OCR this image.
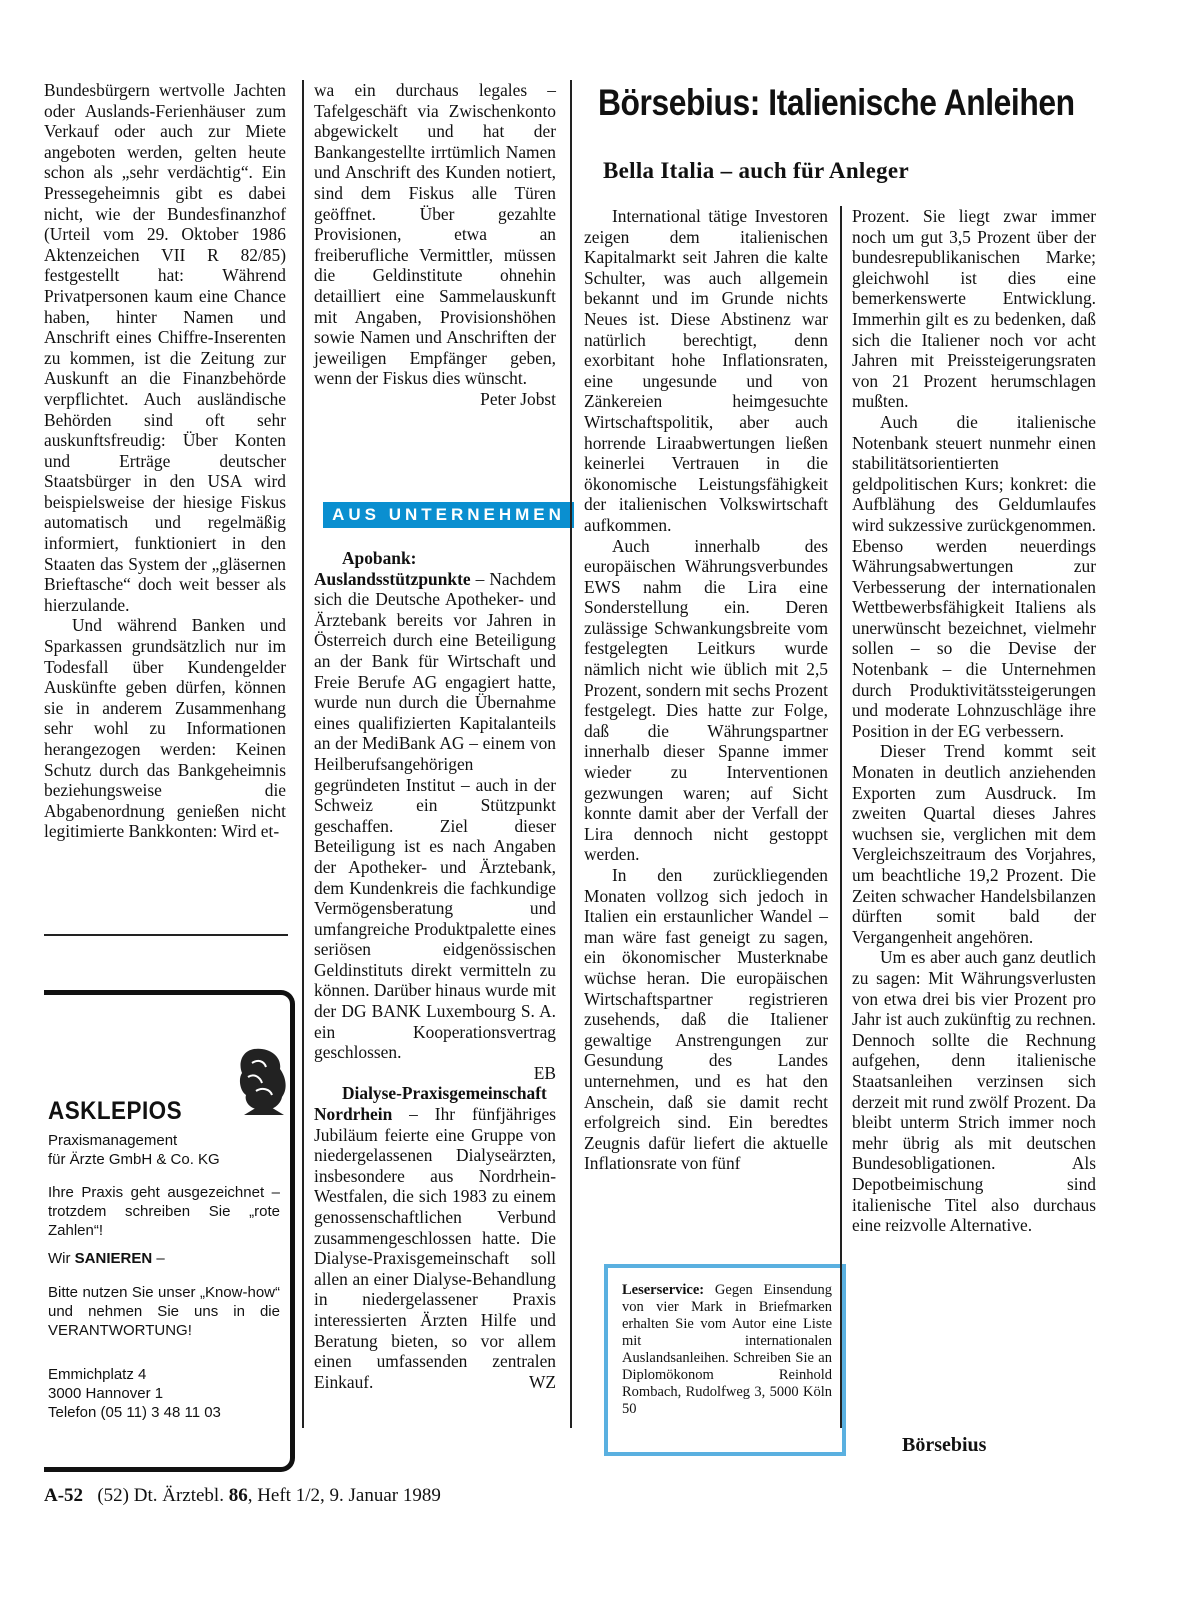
Bundesbürgern wertvolle Jachten oder Auslands-Ferienhäuser zum Verkauf oder auch zur Miete angeboten werden, gelten heute schon als „sehr verdächtig“. Ein Pressegeheimnis gibt es dabei nicht, wie der Bundesfinanzhof (Urteil vom 29. Oktober 1986 Aktenzeichen VII R 82/85) festgestellt hat: Während Privatpersonen kaum eine Chance haben, hinter Namen und Anschrift eines Chiffre-Inserenten zu kommen, ist die Zeitung zur Auskunft an die Finanzbehörde verpflichtet. Auch ausländische Behörden sind oft sehr auskunftsfreudig: Über Konten und Erträge deutscher Staatsbürger in den USA wird beispielsweise der hiesige Fiskus automatisch und regelmäßig informiert, funktioniert in den Staaten das System der „gläsernen Brieftasche“ doch weit besser als hierzulande.

Und während Banken und Sparkassen grundsätzlich nur im Todesfall über Kundengelder Auskünfte geben dürfen, können sie in anderem Zusammenhang sehr wohl zu Informationen herangezogen werden: Keinen Schutz durch das Bankgeheimnis beziehungsweise die Abgabenordnung genießen nicht legitimierte Bankkonten: Wird et-

ASKLEPIOS
Praxismanagement
für Ärzte GmbH & Co. KG
Ihre Praxis geht ausgezeichnet – trotzdem schreiben Sie „rote Zahlen“!
Wir SANIEREN –
Bitte nutzen Sie unser „Know-how“ und nehmen Sie uns in die VERANTWORTUNG!
Emmichplatz 4
3000 Hannover 1
Telefon (05 11) 3 48 11 03

wa ein durchaus legales – Tafelgeschäft via Zwischenkonto abgewickelt und hat der Bankangestellte irrtümlich Namen und Anschrift des Kunden notiert, sind dem Fiskus alle Türen geöffnet. Über gezahlte Provisionen, etwa an freiberufliche Vermittler, müssen die Geldinstitute ohnehin detailliert eine Sammelauskunft mit Angaben, Provisionshöhen sowie Namen und Anschriften der jeweiligen Empfänger geben, wenn der Fiskus dies wünscht.

Peter Jobst

AUS UNTERNEHMEN

Apobank: Auslandsstützpunkte – Nachdem sich die Deutsche Apotheker- und Ärztebank bereits vor Jahren in Österreich durch eine Beteiligung an der Bank für Wirtschaft und Freie Berufe AG engagiert hatte, wurde nun durch die Übernahme eines qualifizierten Kapitalanteils an der MediBank AG – einem von Heilberufsangehörigen gegründeten Institut – auch in der Schweiz ein Stützpunkt geschaffen. Ziel dieser Beteiligung ist es nach Angaben der Apotheker- und Ärztebank, dem Kundenkreis die fachkundige Vermögensberatung und umfangreiche Produktpalette eines seriösen eidgenössischen Geldinstituts direkt vermitteln zu können. Darüber hinaus wurde mit der DG BANK Luxembourg S. A. ein Kooperationsvertrag geschlossen.

EB

Dialyse-Praxisgemeinschaft Nordrhein – Ihr fünfjähriges Jubiläum feierte eine Gruppe von niedergelassenen Dialyseärzten, insbesondere aus Nordrhein-Westfalen, die sich 1983 zu einem genossenschaftlichen Verbund zusammengeschlossen hatte. Die Dialyse-Praxisgemeinschaft soll allen an einer Dialyse-Behandlung in niedergelassener Praxis interessierten Ärzten Hilfe und Beratung bieten, so vor allem einen umfassenden zentralen Einkauf.	WZ

Börsebius: Italienische Anleihen
Bella Italia – auch für Anleger

International tätige Investoren zeigen dem italienischen Kapitalmarkt seit Jahren die kalte Schulter, was auch allgemein bekannt und im Grunde nichts Neues ist. Diese Abstinenz war natürlich berechtigt, denn exorbitant hohe Inflationsraten, eine ungesunde und von Zänkereien heimgesuchte Wirtschaftspolitik, aber auch horrende Liraabwertungen ließen keinerlei Vertrauen in die ökonomische Leistungsfähigkeit der italienischen Volkswirtschaft aufkommen.

Auch innerhalb des europäischen Währungsverbundes EWS nahm die Lira eine Sonderstellung ein. Deren zulässige Schwankungsbreite vom festgelegten Leitkurs wurde nämlich nicht wie üblich mit 2,5 Prozent, sondern mit sechs Prozent festgelegt. Dies hatte zur Folge, daß die Währungspartner innerhalb dieser Spanne immer wieder zu Interventionen gezwungen waren; auf Sicht konnte damit aber der Verfall der Lira dennoch nicht gestoppt werden.

In den zurückliegenden Monaten vollzog sich jedoch in Italien ein erstaunlicher Wandel – man wäre fast geneigt zu sagen, ein ökonomischer Musterknabe wüchse heran. Die europäischen Wirtschaftspartner registrieren zusehends, daß die Italiener gewaltige Anstrengungen zur Gesundung des Landes unternehmen, und es hat den Anschein, daß sie damit recht erfolgreich sind. Ein beredtes Zeugnis dafür liefert die aktuelle Inflationsrate von fünf

Leserservice: Gegen Einsendung von vier Mark in Briefmarken erhalten Sie vom Autor eine Liste mit internationalen Auslandsanleihen. Schreiben Sie an Diplomökonom Reinhold Rombach, Rudolfweg 3, 5000 Köln 50

Prozent. Sie liegt zwar immer noch um gut 3,5 Prozent über der bundesrepublikanischen Marke; gleichwohl ist dies eine bemerkenswerte Entwicklung. Immerhin gilt es zu bedenken, daß sich die Italiener noch vor acht Jahren mit Preissteigerungsraten von 21 Prozent herumschlagen mußten.

Auch die italienische Notenbank steuert nunmehr einen stabilitätsorientierten geldpolitischen Kurs; konkret: die Aufblähung des Geldumlaufes wird sukzessive zurückgenommen. Ebenso werden neuerdings Währungsabwertungen zur Verbesserung der internationalen Wettbewerbsfähigkeit Italiens als unerwünscht bezeichnet, vielmehr sollen – so die Devise der Notenbank – die Unternehmen durch Produktivitätssteigerungen und moderate Lohnzuschläge ihre Position in der EG verbessern.

Dieser Trend kommt seit Monaten in deutlich anziehenden Exporten zum Ausdruck. Im zweiten Quartal dieses Jahres wuchsen sie, verglichen mit dem Vergleichszeitraum des Vorjahres, um beachtliche 19,2 Prozent. Die Zeiten schwacher Handelsbilanzen dürften somit bald der Vergangenheit angehören.

Um es aber auch ganz deutlich zu sagen: Mit Währungsverlusten von etwa drei bis vier Prozent pro Jahr ist auch zukünftig zu rechnen. Dennoch sollte die Rechnung aufgehen, denn italienische Staatsanleihen verzinsen sich derzeit mit rund zwölf Prozent. Da bleibt unterm Strich immer noch mehr übrig als mit deutschen Bundesobligationen. Als Depotbeimischung sind italienische Titel also durchaus eine reizvolle Alternative.

Börsebius
A-52 (52) Dt. Ärztebl. 86, Heft 1/2, 9. Januar 1989
